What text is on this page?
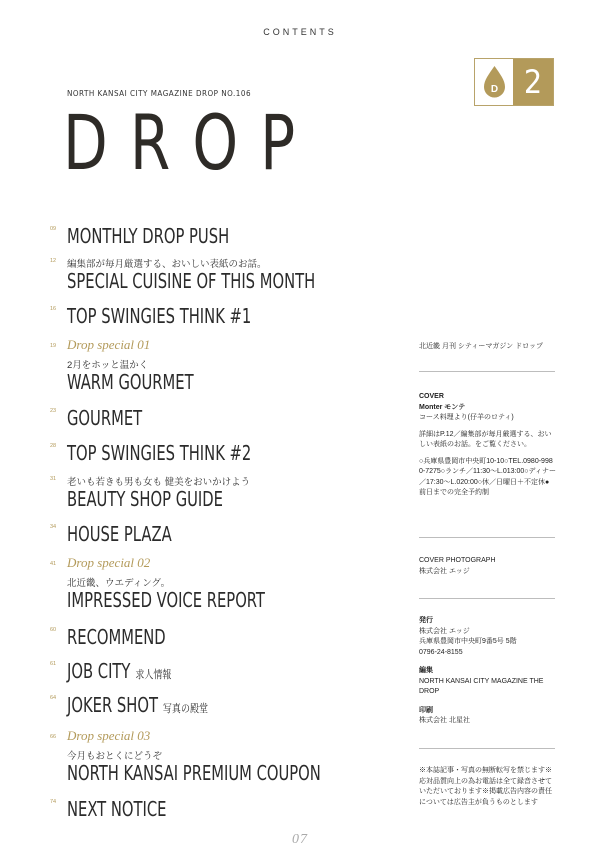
CONTENTS
NORTH KANSAI CITY MAGAZINE DROP NO.106
DROP
D 2
09 MONTHLY DROP PUSH
12 編集部が毎月厳選する、おいしい表紙のお話。
SPECIAL CUISINE OF THIS MONTH
16 TOP SWINGIES THINK #1
19 Drop special 01
2月をホッと温かく
WARM GOURMET
23 GOURMET
28 TOP SWINGIES THINK #2
31 老いも若きも男も女も 健美をおいかけよう
BEAUTY SHOP GUIDE
34 HOUSE PLAZA
41 Drop special 02
北近畿、ウエディング。
IMPRESSED VOICE REPORT
60 RECOMMEND
61 JOB CITY 求人情報
64 JOKER SHOT 写真の殿堂
66 Drop special 03
今月もおとくにどうぞ
NORTH KANSAI PREMIUM COUPON
74 NEXT NOTICE
北近畿 月刊 シティーマガジン ドロップ
COVER
Monter モンテ
コース料理より(仔羊のロティ)
詳細はP.12／編集部が毎月厳選する、おいしい表紙のお話。をご覧ください。
○兵庫県豊岡市中央町10-10○TEL.0980-9980-7275○ランチ／11:30～L.013:00○ディナー／17:30～L.020:00○休／日曜日＋不定休●前日までの完全予約制
COVER PHOTOGRAPH
株式会社 エッジ
発行
株式会社 エッジ
兵庫県豊岡市中央町9番5号 5階
0796-24-8155
編集
NORTH KANSAI CITY MAGAZINE THE DROP
印刷
株式会社 北星社
※本誌記事・写真の無断転写を禁じます※応対品質向上の為お電話は全て録音させていただいております※掲載広告内容の責任については広告主が負うものとします
07
